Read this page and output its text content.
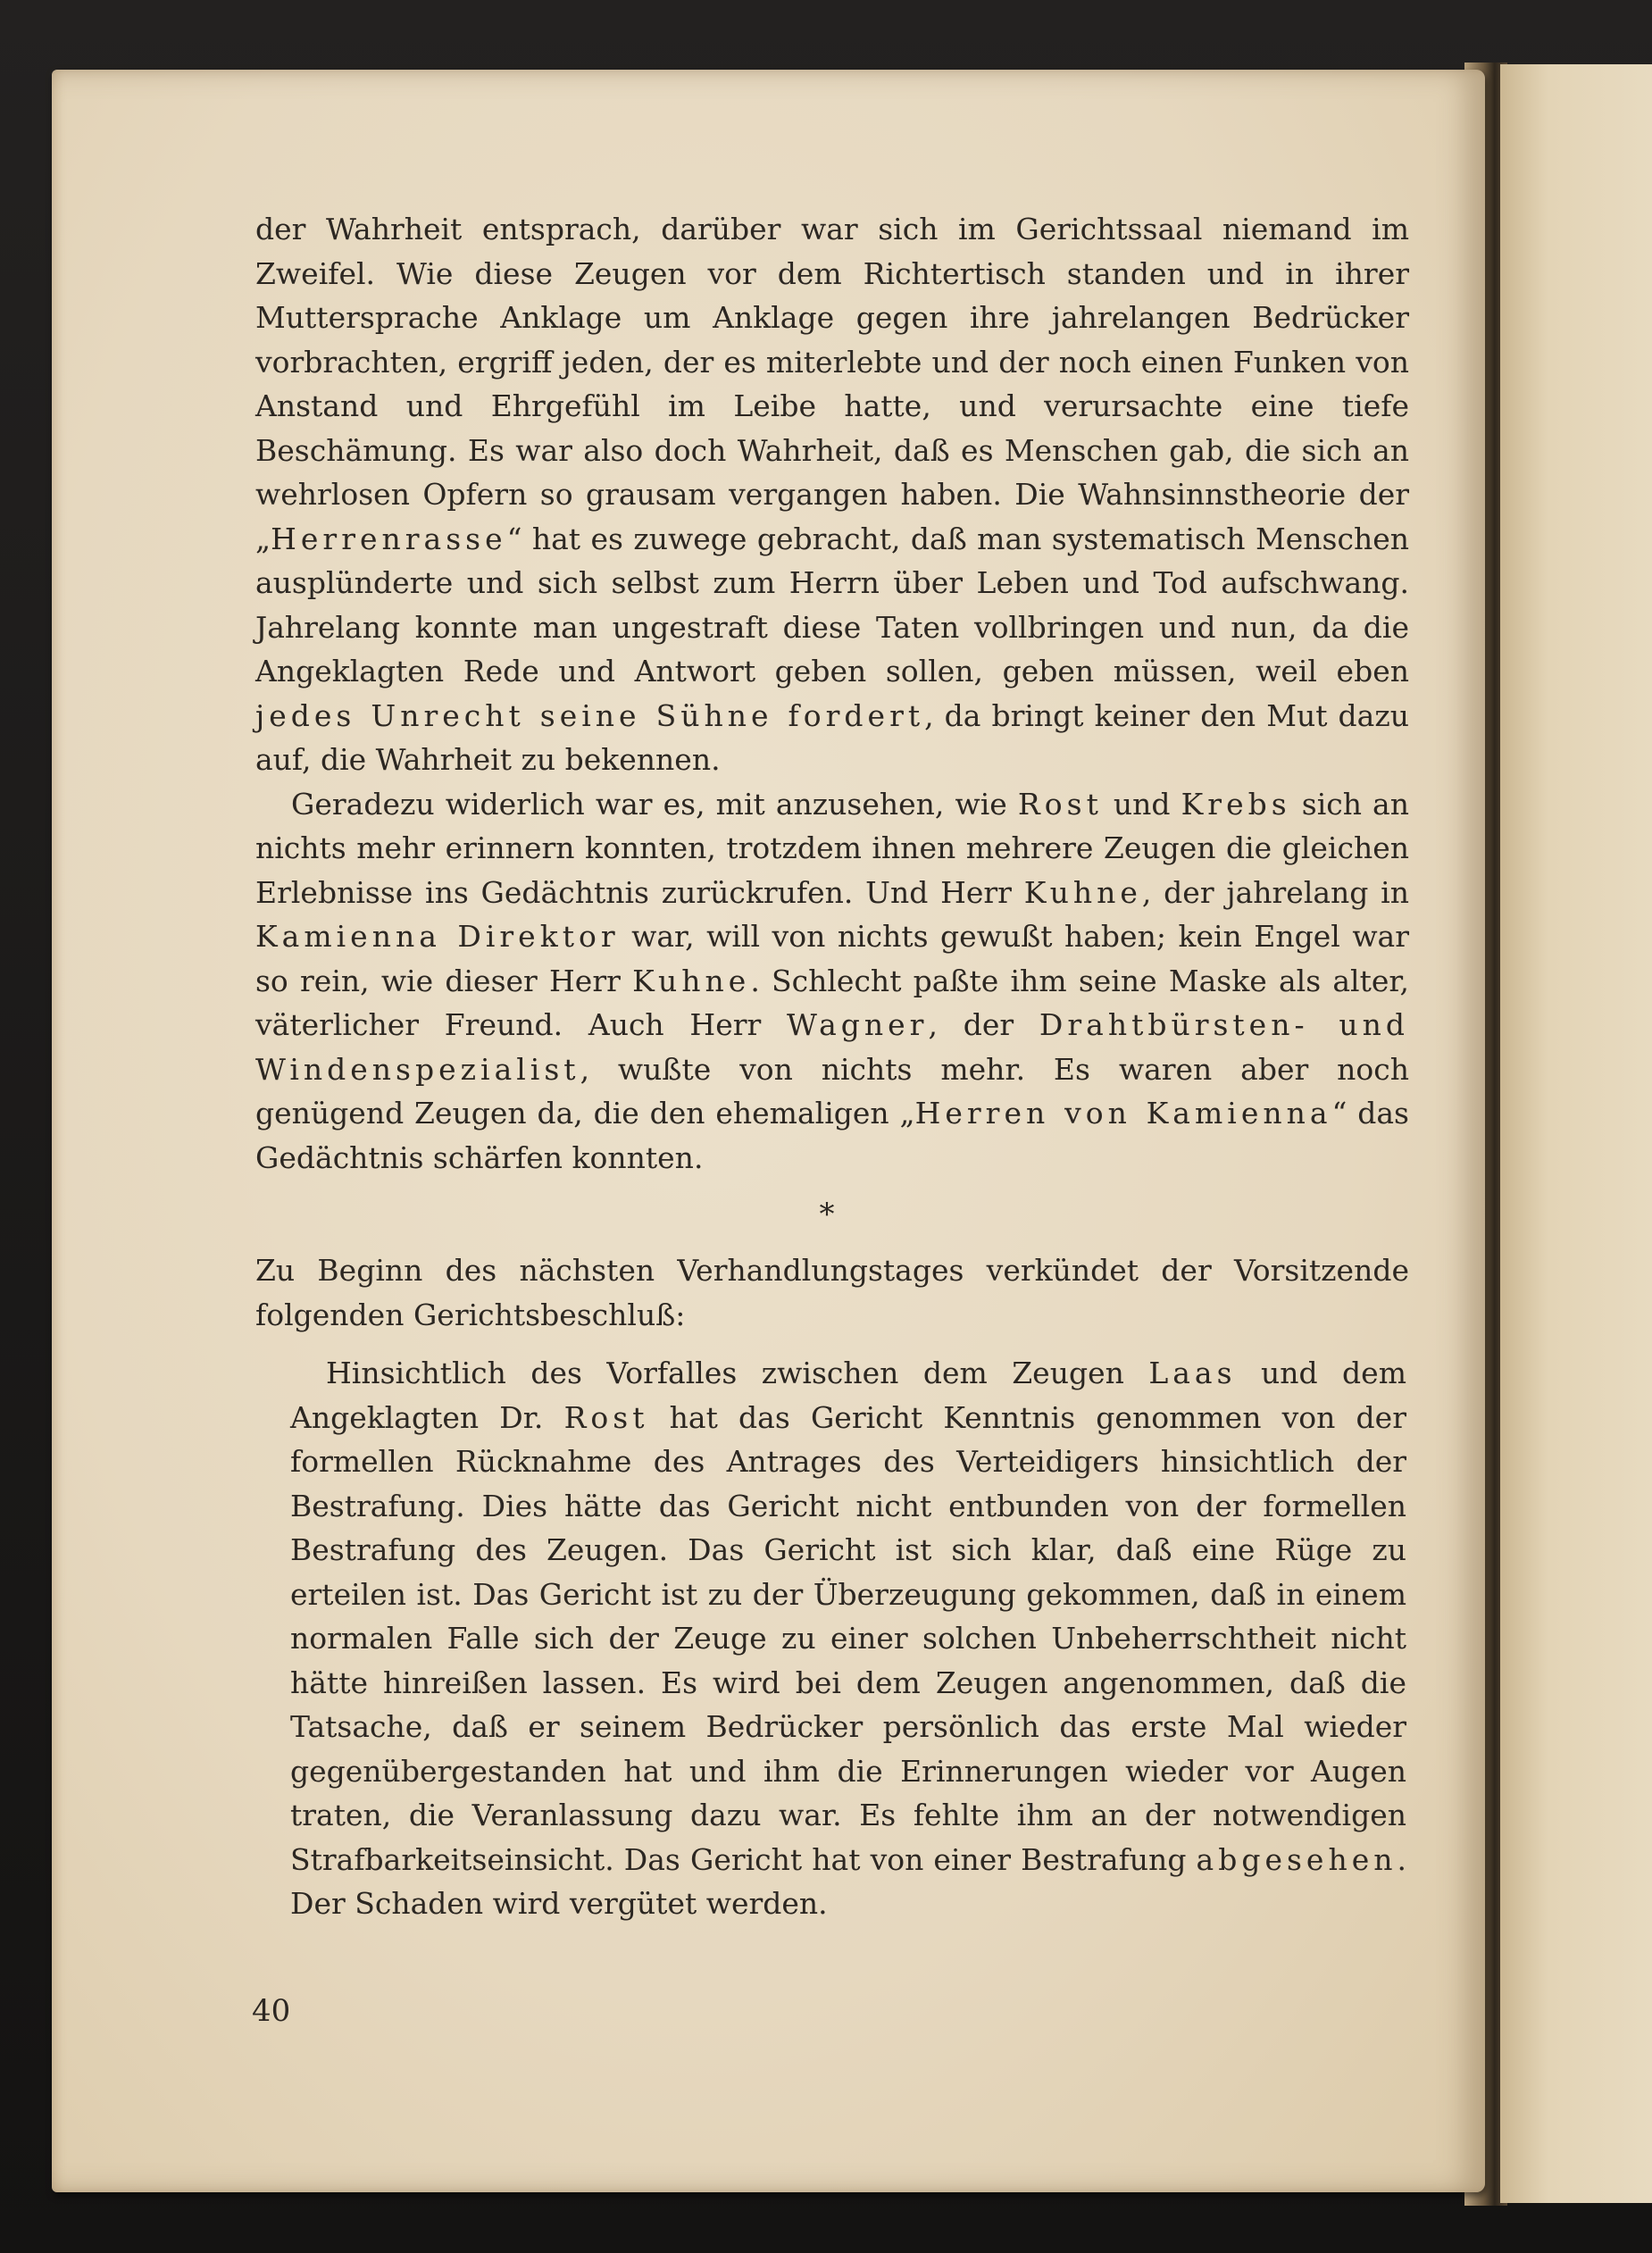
der Wahrheit entsprach, darüber war sich im Gerichtssaal niemand im Zweifel. Wie diese Zeugen vor dem Richtertisch standen und in ihrer Muttersprache Anklage um Anklage gegen ihre jahrelangen Bedrücker vorbrachten, ergriff jeden, der es miterlebte und der noch einen Funken von Anstand und Ehrgefühl im Leibe hatte, und verursachte eine tiefe Beschämung. Es war also doch Wahrheit, daß es Menschen gab, die sich an wehrlosen Opfern so grausam vergangen haben. Die Wahnsinnstheorie der „Herrenrasse“ hat es zuwege gebracht, daß man systematisch Menschen ausplünderte und sich selbst zum Herrn über Leben und Tod aufschwang. Jahrelang konnte man ungestraft diese Taten vollbringen und nun, da die Angeklagten Rede und Antwort geben sollen, geben müssen, weil eben jedes Unrecht seine Sühne fordert, da bringt keiner den Mut dazu auf, die Wahrheit zu bekennen.

Geradezu widerlich war es, mit anzusehen, wie Rost und Krebs sich an nichts mehr erinnern konnten, trotzdem ihnen mehrere Zeugen die gleichen Erlebnisse ins Gedächtnis zurückrufen. Und Herr Kuhne, der jahrelang in Kamienna Direktor war, will von nichts gewußt haben; kein Engel war so rein, wie dieser Herr Kuhne. Schlecht paßte ihm seine Maske als alter, väterlicher Freund. Auch Herr Wagner, der Drahtbürsten- und Windenspezialist, wußte von nichts mehr. Es waren aber noch genügend Zeugen da, die den ehemaligen „Herren von Kamienna“ das Gedächtnis schärfen konnten.

*

Zu Beginn des nächsten Verhandlungstages verkündet der Vorsitzende folgenden Gerichtsbeschluß:

Hinsichtlich des Vorfalles zwischen dem Zeugen Laas und dem Angeklagten Dr. Rost hat das Gericht Kenntnis genommen von der formellen Rücknahme des Antrages des Verteidigers hinsichtlich der Bestrafung. Dies hätte das Gericht nicht entbunden von der formellen Bestrafung des Zeugen. Das Gericht ist sich klar, daß eine Rüge zu erteilen ist. Das Gericht ist zu der Überzeugung gekommen, daß in einem normalen Falle sich der Zeuge zu einer solchen Unbeherrschtheit nicht hätte hinreißen lassen. Es wird bei dem Zeugen angenommen, daß die Tatsache, daß er seinem Bedrücker persönlich das erste Mal wieder gegenübergestanden hat und ihm die Erinnerungen wieder vor Augen traten, die Veranlassung dazu war. Es fehlte ihm an der notwendigen Strafbarkeitseinsicht. Das Gericht hat von einer Bestrafung abgesehen. Der Schaden wird vergütet werden.

40
